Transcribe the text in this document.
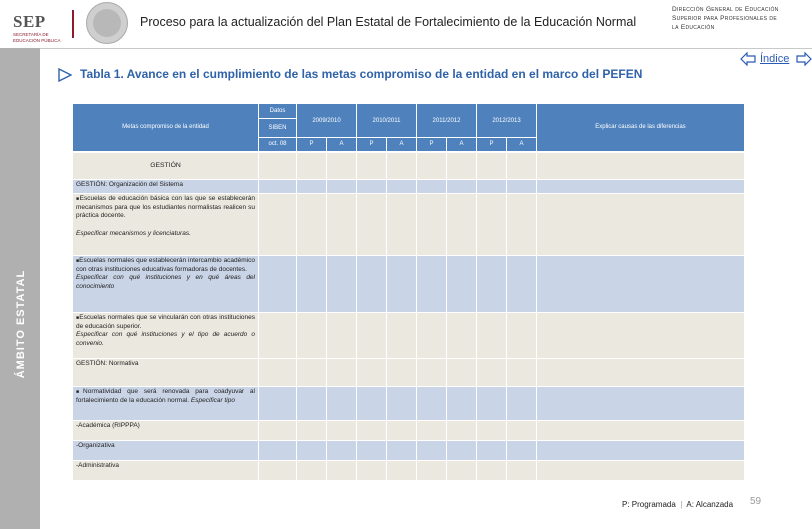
SEP
SECRETARÍA DE EDUCACIÓN PÚBLICA
Proceso para la actualización del Plan Estatal de Fortalecimiento de la Educación Normal
Dirección General de Educación
Superior para Profesionales de
la Educación
ÁMBITO ESTATAL
Índice
Tabla 1. Avance en el cumplimiento de las metas compromiso de la entidad en el marco del PEFEN
Metas compromiso de la entidad	Datos	2009/2010		2010/2011		2011/2012		2012/2013		Explicar causas de las diferencias
	SIBEN									
	oct. 08	P	A	P	A	P	A	P	A	
GESTIÓN										
GESTIÓN: Organización del Sistema										

■Escuelas de educación básica con las que se establecerán mecanismos para que los estudiantes normalistas realicen su práctica docente.
Especificar mecanismos y licenciaturas.										

■Escuelas normales que establecerán intercambio académico con otras instituciones educativas formadoras de docentes.
Especificar con qué instituciones y en qué áreas del conocimiento										

■Escuelas normales que se vincularán con otras instituciones de educación superior.
Especificar con qué instituciones y el tipo de acuerdo o convenio.										

GESTIÓN: Normativa										

■Normatividad que será renovada para coadyuvar al fortalecimiento de la educación normal. Especificar tipo										

-Académica (RIPPPA)										
-Organizativa										
-Administrativa										
P: Programada | A: Alcanzada 59
